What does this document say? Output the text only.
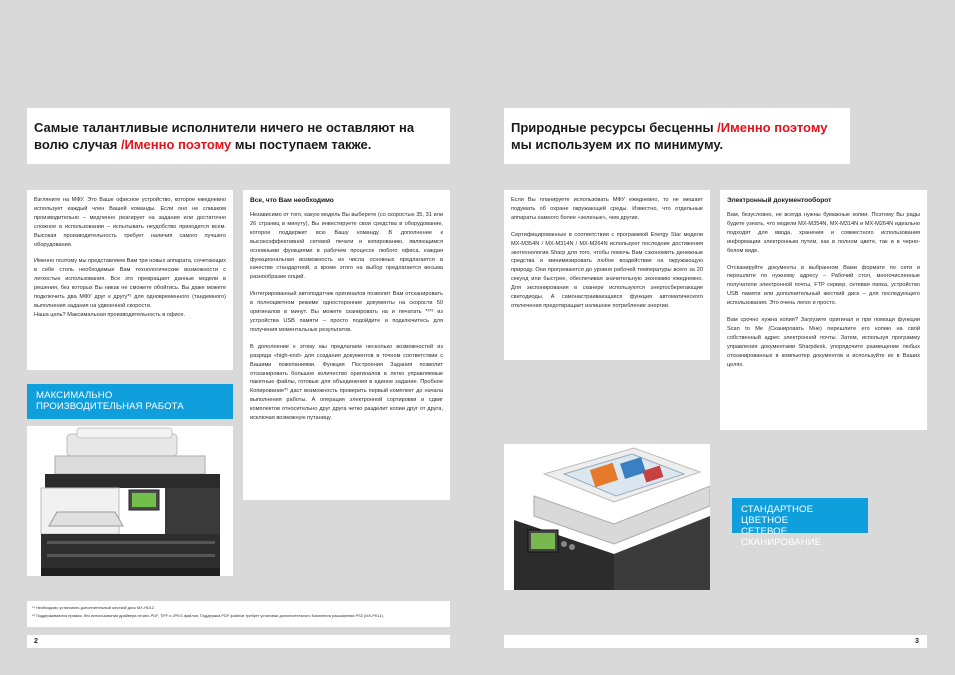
Самые талантливые исполнители ничего не оставляют на
волю случая /Именно поэтому мы поступаем также.

Взгляните на МФУ. Это Ваше офисное устройство, которое ежедневно использует каждый член Вашей команды. Если оно не слишком производительно – медленно реагирует на задания или достаточно сложное в использовании – испытывать неудобство приходится всем. Высокая производительность требует наличия самого лучшего оборудования.

Именно поэтому мы представляем Вам три новых аппарата, сочетающих в себе столь необходимые Вам технологические возможности с легкостью использования. Все это превращает данные модели в решения, без которых Вы никак не сможете обойтись. Вы даже можете подключить два МФУ друг к другу*¹ для одновременного (тандемного) выполнения задания на удвоенной скорости.

Наша цель? Максимальная производительность в офисе.

МАКСИМАЛЬНО
ПРОИЗВОДИТЕЛЬНАЯ РАБОТА
Все, что Вам необходимо

Независимо от того, какую модель Вы выберете (со скоростью 35, 31 или 26 страниц в минуту), Вы инвестируете свои средства в оборудование, которое поддержит всю Вашу команду. В дополнение к высокоэффективной сетевой печати и копированию, являющимся основными функциями в рабочем процессе любого офиса, каждая функциональная возможность из числа основных предлагается в качестве стандартной, а кроме этого на выбор предлагается весьма разнообразие опций.

Интегрированный автоподатчик оригиналов позволит Вам отсканировать в полноцветном режиме односторонние документы на скорости 50 оригиналов в минут. Вы можете сканировать на и печатать *¹*² из устройства USB памяти – просто подойдите и подключитесь для получения моментальных результатов.

В дополнение к этому мы предлагаем несколько возможностей из разряда «high-end» для создания документов в точном соответствии с Вашими пожеланиями. Функция Построения Задания позволит отсканировать большое количество оригиналов в легко управляемые пакетные файлы, готовые для объединения в единое задание. Пробное Копирование*¹ даст возможность проверить первый комплект до начала выполнения работы. А операция электронной сортировки и сдвиг комплектов относительно друг друга четко разделит копии друг от друга, исключая возможную путаницу.

*¹ Необходимо установить дополнительный жесткий диск MX-HD12.
*² Поддерживаются прямая, без использования драйвера печать PDF, TIFF и JPEG файлов. Поддержка PDF файлов требует установки дополнительного Комплекта расширения PS3 (MX-PK11).
2
Природные ресурсы бесценны /Именно поэтому
мы используем их по минимуму.

Если Вы планируете использовать МФУ ежедневно, то не мешает подумать об охране окружающей среды. Известно, что отдельные аппараты намного более «зеленые», чем другие.

Сертифицированные в соответствии с программой Energy Star модели MX-M354N / MX-M314N / MX-M264N используют последние достижения экотехнологии Sharp для того, чтобы помочь Вам сэкономить денежные средства и минимизировать любое воздействие на окружающую природу. Они прогреваются до уровня рабочей температуры всего за 20 секунд или быстрее, обеспечивая значительную экономию ежедневно. Для экспонирования в сканере используются энергосберегающие светодиоды. А самонастраивающаяся функция автоматического отключения предотвращает излишнее потребление энергии.

Электронный документооборот

Вам, безусловно, не всегда нужны бумажные копии. Поэтому Вы рады будете узнать, что модели MX-M354N, MX-M314N и MX-M264N идеально подходят для ввода, хранения и совместного использования информации электронным путем, как в полном цвете, так и в черно-белом виде.

Отсканируйте документы в выбранном Вами формате по сети и перешлите по нужному адресу – Рабочий стол, многочисленные получатели электронной почты, FTP сервер, сетевая папка, устройство USB памяти или дополнительный жесткий диск – для последующего использования. Это очень легко и просто.

Вам срочно нужна копия? Загрузите оригинал и при помощи функции Scan to Me (Сканировать Мне) перешлите его копию на свой собственный адрес электронной почты. Затем, используя программу управления документами Sharpdesk, упорядочите размещение любых отсканированных в компьютер документов и используйте их в Ваших целях.

СТАНДАРТНОЕ ЦВЕТНОЕ
СЕТЕВОЕ СКАНИРОВАНИЕ
3
